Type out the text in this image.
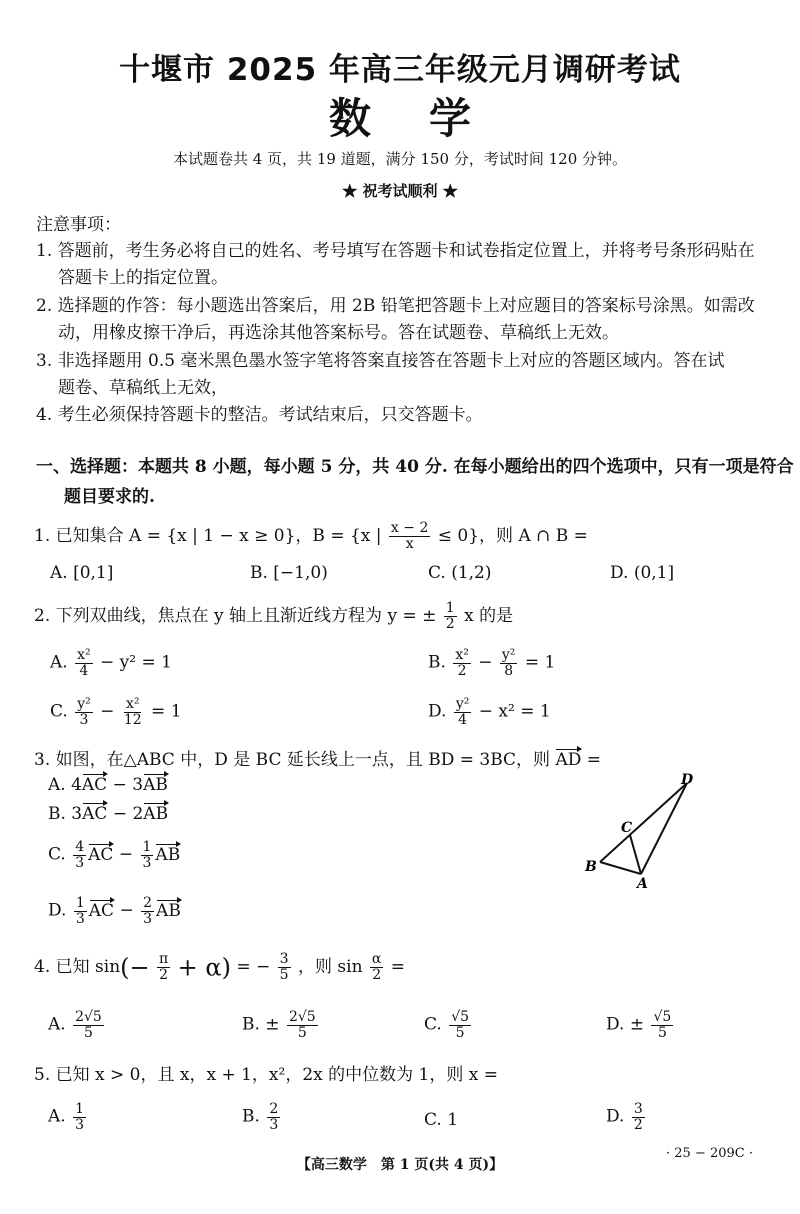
十堰市 2025 年高三年级元月调研考试
数 学
本试题卷共 4 页，共 19 道题，满分 150 分，考试时间 120 分钟。
★ 祝考试顺利 ★
注意事项：
1. 答题前，考生务必将自己的姓名、考号填写在答题卡和试卷指定位置上，并将考号条形码贴在
答题卡上的指定位置。
2. 选择题的作答：每小题选出答案后，用 2B 铅笔把答题卡上对应题目的答案标号涂黑。如需改
动，用橡皮擦干净后，再选涂其他答案标号。答在试题卷、草稿纸上无效。
3. 非选择题用 0.5 毫米黑色墨水签字笔将答案直接答在答题卡上对应的答题区域内。答在试
题卷、草稿纸上无效，
4. 考生必须保持答题卡的整洁。考试结束后，只交答题卡。
一、选择题：本题共 8 小题，每小题 5 分，共 40 分. 在每小题给出的四个选项中，只有一项是符合
题目要求的.
1. 已知集合 A = {x | 1 − x ≥ 0}，B = {x | $\frac{x - 2}{x} \le 0$}，则 A ∩ B =
A. [0,1]	B. [−1,0)	C. (1,2)	D. (0,1]
2. 下列双曲线，焦点在 y 轴上且渐近线方程为 y = ± $\frac{1}{2}$ x 的是
A. $\frac{\text{x²}}{4} - y^2 = 1$	B. $\frac{\text{x²}}{2} - \frac{\text{y²}}{8} = 1$
C. $\frac{\text{y²}}{3} - \frac{\text{x²}}{12} = 1$	D. $\frac{\text{y²}}{4} - x^2 = 1$
3. 如图，在△ABC 中，D 是 BC 延长线上一点，且 BD = 3BC，则 AD =
A. 4AC − 3AB
B. 3AC − 2AB
C. $\frac{4}{3}$ AC − $\frac{1}{3}$ AB
D. $\frac{1}{3}$ AC − $\frac{2}{3}$ AB
B
C
A
D
4. 已知 $\sin(- \frac{\pi}{2} + \alpha)$ = − $\frac{3}{5}$ ，则 $\sin \frac{\alpha}{2}$ =
A. $\frac{2√5}{5}$	B. ± $\frac{2√5}{5}$	C. $\frac{√5}{5}$	D. ± $\frac{√5}{5}$
5. 已知 x > 0，且 x，x + 1，x²，2x 的中位数为 1，则 x =
A. $\frac{1}{3}$	B. $\frac{2}{3}$	C. 1	D. $\frac{3}{2}$
【高三数学　第 1 页(共 4 页)】
· 25 − 209C ·
